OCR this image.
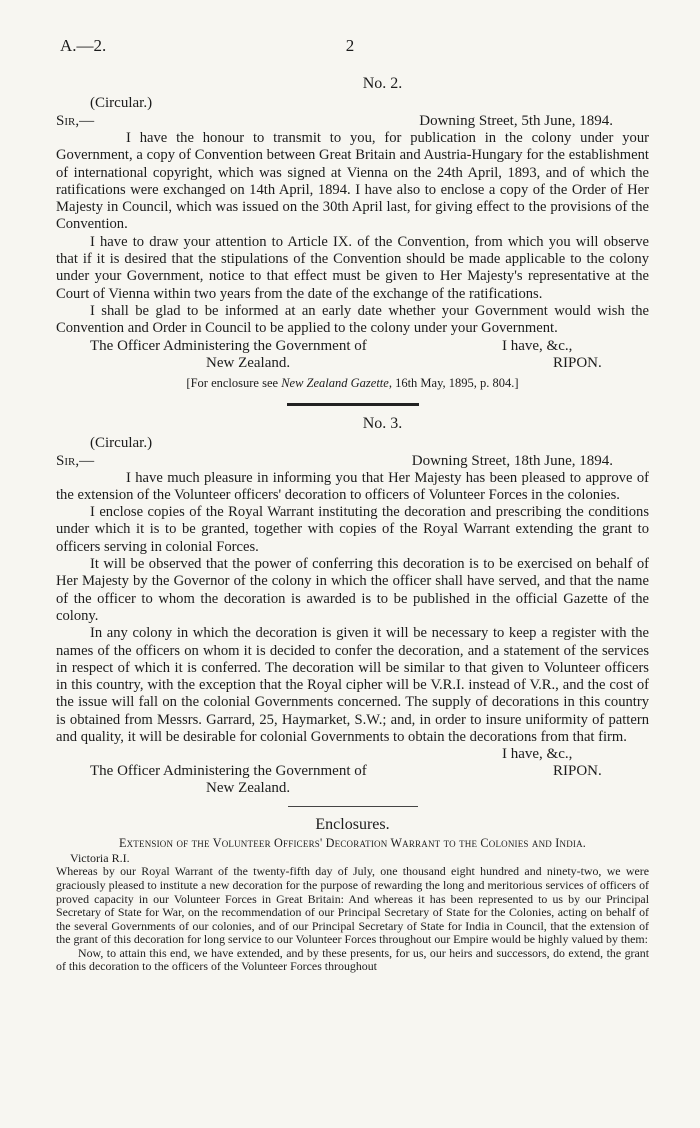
A.—2.	2
No. 2.
(Circular.)
Sir,—	Downing Street, 5th June, 1894.

I have the honour to transmit to you, for publication in the colony under your Government, a copy of Convention between Great Britain and Austria-Hungary for the establishment of international copyright, which was signed at Vienna on the 24th April, 1893, and of which the ratifications were exchanged on 14th April, 1894. I have also to enclose a copy of the Order of Her Majesty in Council, which was issued on the 30th April last, for giving effect to the provisions of the Convention.

I have to draw your attention to Article IX. of the Convention, from which you will observe that if it is desired that the stipulations of the Convention should be made applicable to the colony under your Government, notice to that effect must be given to Her Majesty's representative at the Court of Vienna within two years from the date of the exchange of the ratifications.

I shall be glad to be informed at an early date whether your Government would wish the Convention and Order in Council to be applied to the colony under your Government.

The Officer Administering the Government of
New Zealand.
I have, &c.,
RIPON.
[For enclosure see New Zealand Gazette, 16th May, 1895, p. 804.]
No. 3.
(Circular.)
Sir,—	Downing Street, 18th June, 1894.

I have much pleasure in informing you that Her Majesty has been pleased to approve of the extension of the Volunteer officers' decoration to officers of Volunteer Forces in the colonies.

I enclose copies of the Royal Warrant instituting the decoration and prescribing the conditions under which it is to be granted, together with copies of the Royal Warrant extending the grant to officers serving in colonial Forces.

It will be observed that the power of conferring this decoration is to be exercised on behalf of Her Majesty by the Governor of the colony in which the officer shall have served, and that the name of the officer to whom the decoration is awarded is to be published in the official Gazette of the colony.

In any colony in which the decoration is given it will be necessary to keep a register with the names of the officers on whom it is decided to confer the decoration, and a statement of the services in respect of which it is conferred. The decoration will be similar to that given to Volunteer officers in this country, with the exception that the Royal cipher will be V.R.I. instead of V.R., and the cost of the issue will fall on the colonial Governments concerned. The supply of decorations in this country is obtained from Messrs. Garrard, 25, Haymarket, S.W.; and, in order to insure uniformity of pattern and quality, it will be desirable for colonial Governments to obtain the decorations from that firm.

I have, &c.,
The Officer Administering the Government of	RIPON.
New Zealand.
Enclosures.
Extension of the Volunteer Officers' Decoration Warrant to the Colonies and India.
Victoria R.I.

Whereas by our Royal Warrant of the twenty-fifth day of July, one thousand eight hundred and ninety-two, we were graciously pleased to institute a new decoration for the purpose of rewarding the long and meritorious services of officers of proved capacity in our Volunteer Forces in Great Britain: And whereas it has been represented to us by our Principal Secretary of State for War, on the recommendation of our Principal Secretary of State for the Colonies, acting on behalf of the several Governments of our colonies, and of our Principal Secretary of State for India in Council, that the extension of the grant of this decoration for long service to our Volunteer Forces throughout our Empire would be highly valued by them:

Now, to attain this end, we have extended, and by these presents, for us, our heirs and successors, do extend, the grant of this decoration to the officers of the Volunteer Forces throughout
